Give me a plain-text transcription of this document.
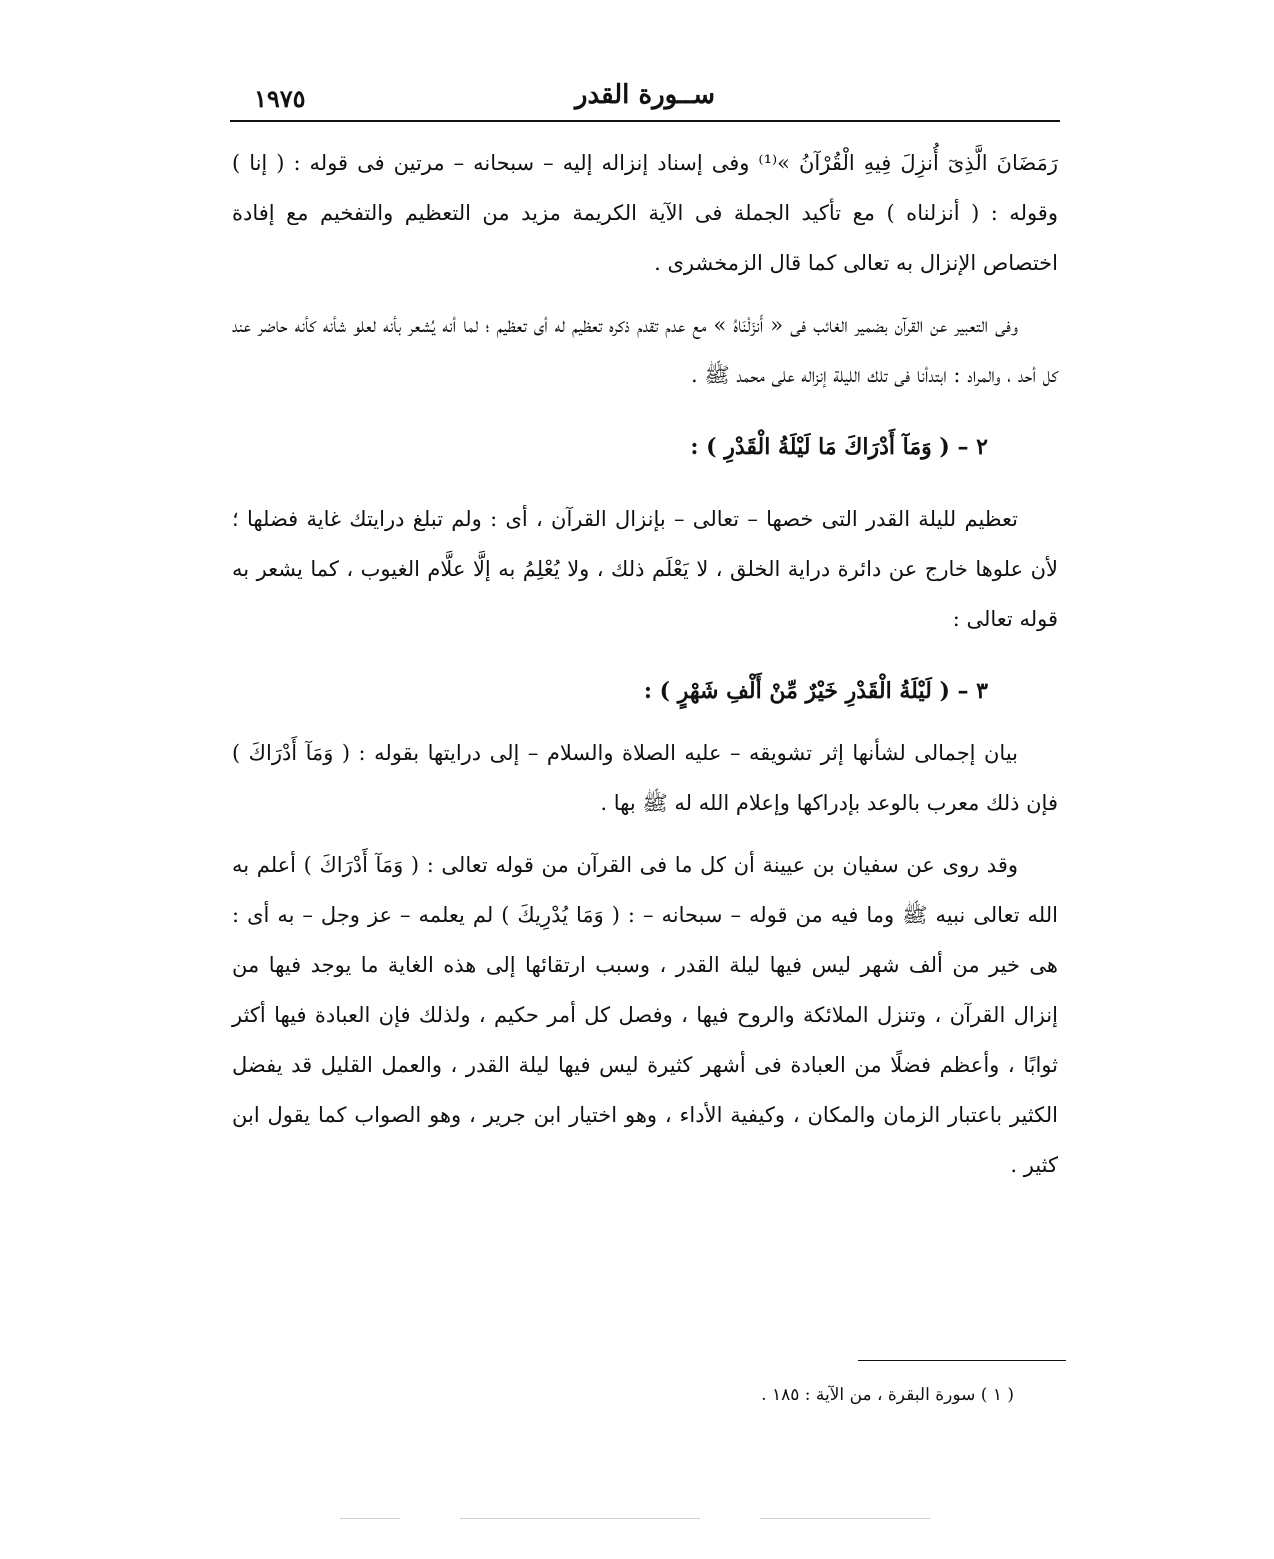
١٩٧٥	ســورة القدر

رَمَضَانَ الَّذِىٓ أُنزِلَ فِيهِ الْقُرْآنُ »⁽¹⁾ وفى إسناد إنزاله إليه – سبحانه – مرتين فى قوله : ( إنا ) وقوله : ( أنزلناه ) مع تأكيد الجملة فى الآية الكريمة مزيد من التعظيم والتفخيم مع إفادة اختصاص الإنزال به تعالى كما قال الزمخشرى .

وفى التعبير عن القرآن بضمير الغائب فى « أَنزَلْنَاهُ » مع عدم تقدم ذكره تعظيم له أى تعظيم ؛ لما أنه يُشعر بأنه لعلو شأنه كأنه حاضر عند كل أحد ، والمراد : ابتدأنا فى تلك الليلة إنزاله على محمد ﷺ .

٢ – ( وَمَآ أَدْرَاكَ مَا لَيْلَةُ الْقَدْرِ ) :

تعظيم لليلة القدر التى خصها – تعالى – بإنزال القرآن ، أى : ولم تبلغ درايتك غاية فضلها ؛ لأن علوها خارج عن دائرة دراية الخلق ، لا يَعْلَم ذلك ، ولا يُعْلِمُ به إلَّا علَّام الغيوب ، كما يشعر به قوله تعالى :

٣ – ( لَيْلَةُ الْقَدْرِ خَيْرٌ مِّنْ أَلْفِ شَهْرٍ ) :

بيان إجمالى لشأنها إثر تشويقه – عليه الصلاة والسلام – إلى درايتها بقوله : ( وَمَآ أَدْرَاكَ ) فإن ذلك معرب بالوعد بإدراكها وإعلام الله له ﷺ بها .

وقد روى عن سفيان بن عيينة أن كل ما فى القرآن من قوله تعالى : ( وَمَآ أَدْرَاكَ ) أعلم به الله تعالى نبيه ﷺ وما فيه من قوله – سبحانه – : ( وَمَا يُدْرِيكَ ) لم يعلمه – عز وجل – به أى : هى خير من ألف شهر ليس فيها ليلة القدر ، وسبب ارتقائها إلى هذه الغاية ما يوجد فيها من إنزال القرآن ، وتنزل الملائكة والروح فيها ، وفصل كل أمر حكيم ، ولذلك فإن العبادة فيها أكثر ثوابًا ، وأعظم فضلًا من العبادة فى أشهر كثيرة ليس فيها ليلة القدر ، والعمل القليل قد يفضل الكثير باعتبار الزمان والمكان ، وكيفية الأداء ، وهو اختيار ابن جرير ، وهو الصواب كما يقول ابن كثير .

( ١ ) سورة البقرة ، من الآية : ١٨٥ .
